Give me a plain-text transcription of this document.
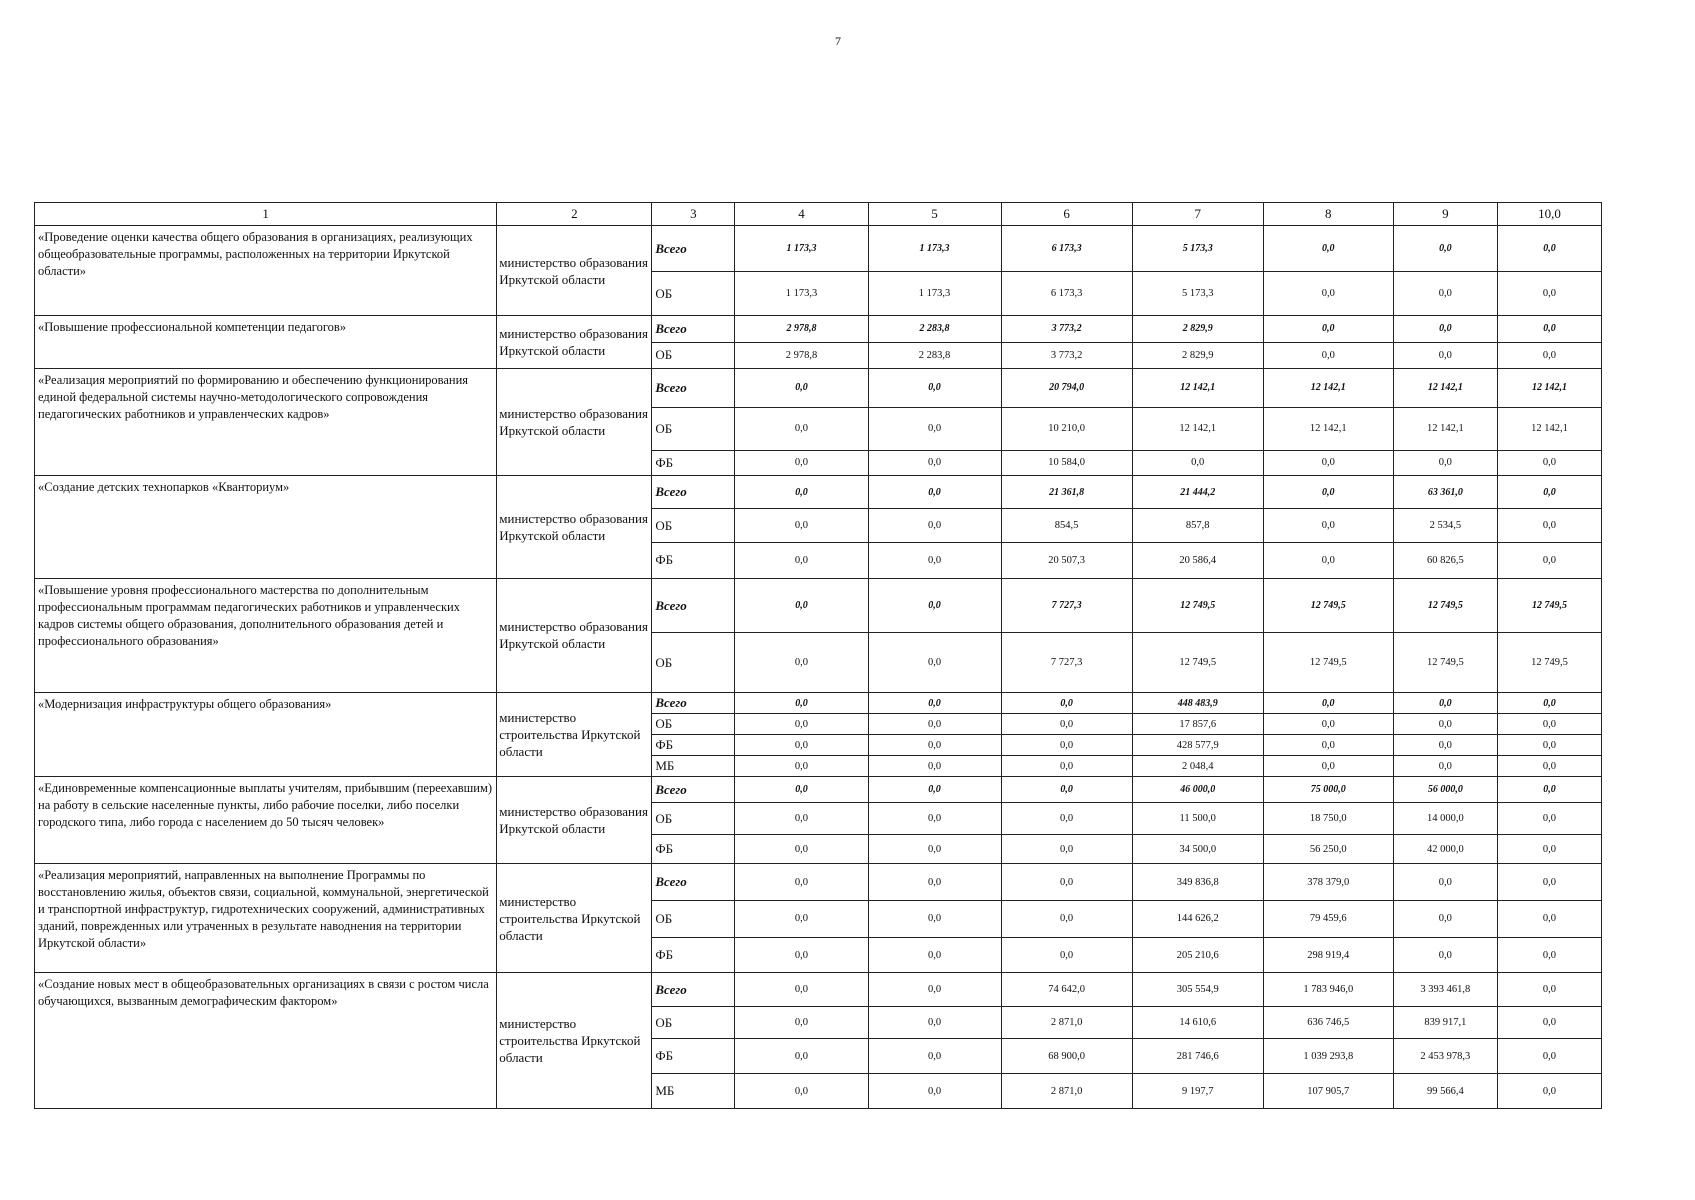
7
1	2	3	4	5	6	7	8	9	10,0
«Проведение оценки качества общего образования в организациях, реализующих общеобразовательные программы, расположенных на территории Иркутской области»	министерство образования Иркутской области	Всего	1 173,3	1 173,3	6 173,3	5 173,3	0,0	0,0	0,0
		ОБ	1 173,3	1 173,3	6 173,3	5 173,3	0,0	0,0	0,0
«Повышение профессиональной компетенции педагогов»	министерство образования Иркутской области	Всего	2 978,8	2 283,8	3 773,2	2 829,9	0,0	0,0	0,0
		ОБ	2 978,8	2 283,8	3 773,2	2 829,9	0,0	0,0	0,0
«Реализация мероприятий по формированию и обеспечению функционирования единой федеральной системы научно-методологического сопровождения педагогических работников и управленческих кадров»	министерство образования Иркутской области	Всего	0,0	0,0	20 794,0	12 142,1	12 142,1	12 142,1	12 142,1
		ОБ	0,0	0,0	10 210,0	12 142,1	12 142,1	12 142,1	12 142,1
		ФБ	0,0	0,0	10 584,0	0,0	0,0	0,0	0,0
«Создание детских технопарков «Кванториум»	министерство образования Иркутской области	Всего	0,0	0,0	21 361,8	21 444,2	0,0	63 361,0	0,0
		ОБ	0,0	0,0	854,5	857,8	0,0	2 534,5	0,0
		ФБ	0,0	0,0	20 507,3	20 586,4	0,0	60 826,5	0,0
«Повышение уровня профессионального мастерства по дополнительным профессиональным программам педагогических работников и управленческих кадров системы общего образования, дополнительного образования детей и профессионального образования»	министерство образования Иркутской области	Всего	0,0	0,0	7 727,3	12 749,5	12 749,5	12 749,5	12 749,5
		ОБ	0,0	0,0	7 727,3	12 749,5	12 749,5	12 749,5	12 749,5
«Модернизация инфраструктуры общего образования»	министерство строительства Иркутской области	Всего	0,0	0,0	0,0	448 483,9	0,0	0,0	0,0
		ОБ	0,0	0,0	0,0	17 857,6	0,0	0,0	0,0
		ФБ	0,0	0,0	0,0	428 577,9	0,0	0,0	0,0
		МБ	0,0	0,0	0,0	2 048,4	0,0	0,0	0,0
«Единовременные компенсационные выплаты учителям, прибывшим (переехавшим) на работу в сельские населенные пункты, либо рабочие поселки, либо поселки городского типа, либо города с населением до 50 тысяч человек»	министерство образования Иркутской области	Всего	0,0	0,0	0,0	46 000,0	75 000,0	56 000,0	0,0
		ОБ	0,0	0,0	0,0	11 500,0	18 750,0	14 000,0	0,0
		ФБ	0,0	0,0	0,0	34 500,0	56 250,0	42 000,0	0,0
«Реализация мероприятий, направленных на выполнение Программы по восстановлению жилья, объектов связи, социальной, коммунальной, энергетической и транспортной инфраструктур, гидротехнических сооружений, административных зданий, поврежденных или утраченных в результате наводнения на территории Иркутской области»	министерство строительства Иркутской области	Всего	0,0	0,0	0,0	349 836,8	378 379,0	0,0	0,0
		ОБ	0,0	0,0	0,0	144 626,2	79 459,6	0,0	0,0
		ФБ	0,0	0,0	0,0	205 210,6	298 919,4	0,0	0,0
«Создание новых мест в общеобразовательных организациях в связи с ростом числа обучающихся, вызванным демографическим фактором»	министерство строительства Иркутской области	Всего	0,0	0,0	74 642,0	305 554,9	1 783 946,0	3 393 461,8	0,0
		ОБ	0,0	0,0	2 871,0	14 610,6	636 746,5	839 917,1	0,0
		ФБ	0,0	0,0	68 900,0	281 746,6	1 039 293,8	2 453 978,3	0,0
		МБ	0,0	0,0	2 871,0	9 197,7	107 905,7	99 566,4	0,0
